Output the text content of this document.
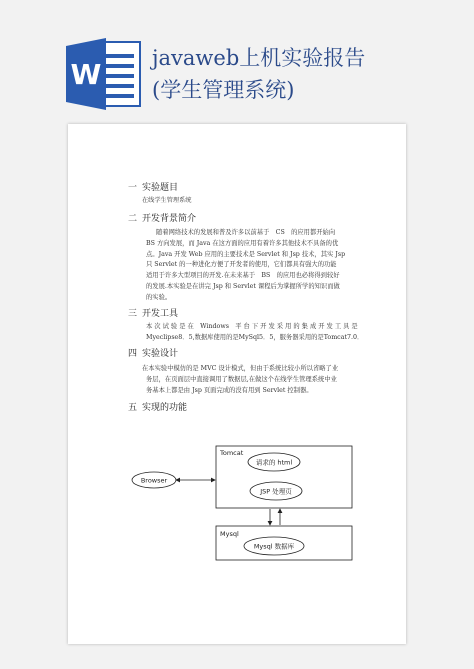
W javaweb上机实验报告
(学生管理系统)
一 实验题目
在线学生管理系统
二 开发背景简介
随着网络技术的发展和普及许多以前基于　CS　的应用都开始向
BS 方向发展，而 Java 在这方面的应用有着许多其他技术不具备的优
点。Java 开发 Web 应用的主要技术是 Servlet 和 Jsp 技术，其实 Jsp
只 Servlet 的一种进化方便了开发者的使用，它们都具有强大的功能
适用于许多大型项目的开发.在未来基于　BS　的应用也必将得到较好
的发展.本实验是在讲完 Jsp 和 Servlet 课程后为掌握所学的知识而做
的实验。
三 开发工具
本 次 试 验 是 在　Windows　平 台 下 开 发 采 用 的 集 成 开 发 工 具 是
Myeclipse8．5,数据库使用的是MySql5．5，服务器采用的是Tomcat7.0．
四 实验设计
在本实验中模仿的是 MVC 设计模式，但由于系统比较小所以省略了业
务层，在页面层中直接调用了数据层,在做这个在线学生管理系统中业
务基本上都是由 Jsp 页面完成的没有用到 Servlet 控制器。
五 实现的功能
Tomcat
请求的 html
JSP 处理页
Browser
Mysql
Mysql 数据库
